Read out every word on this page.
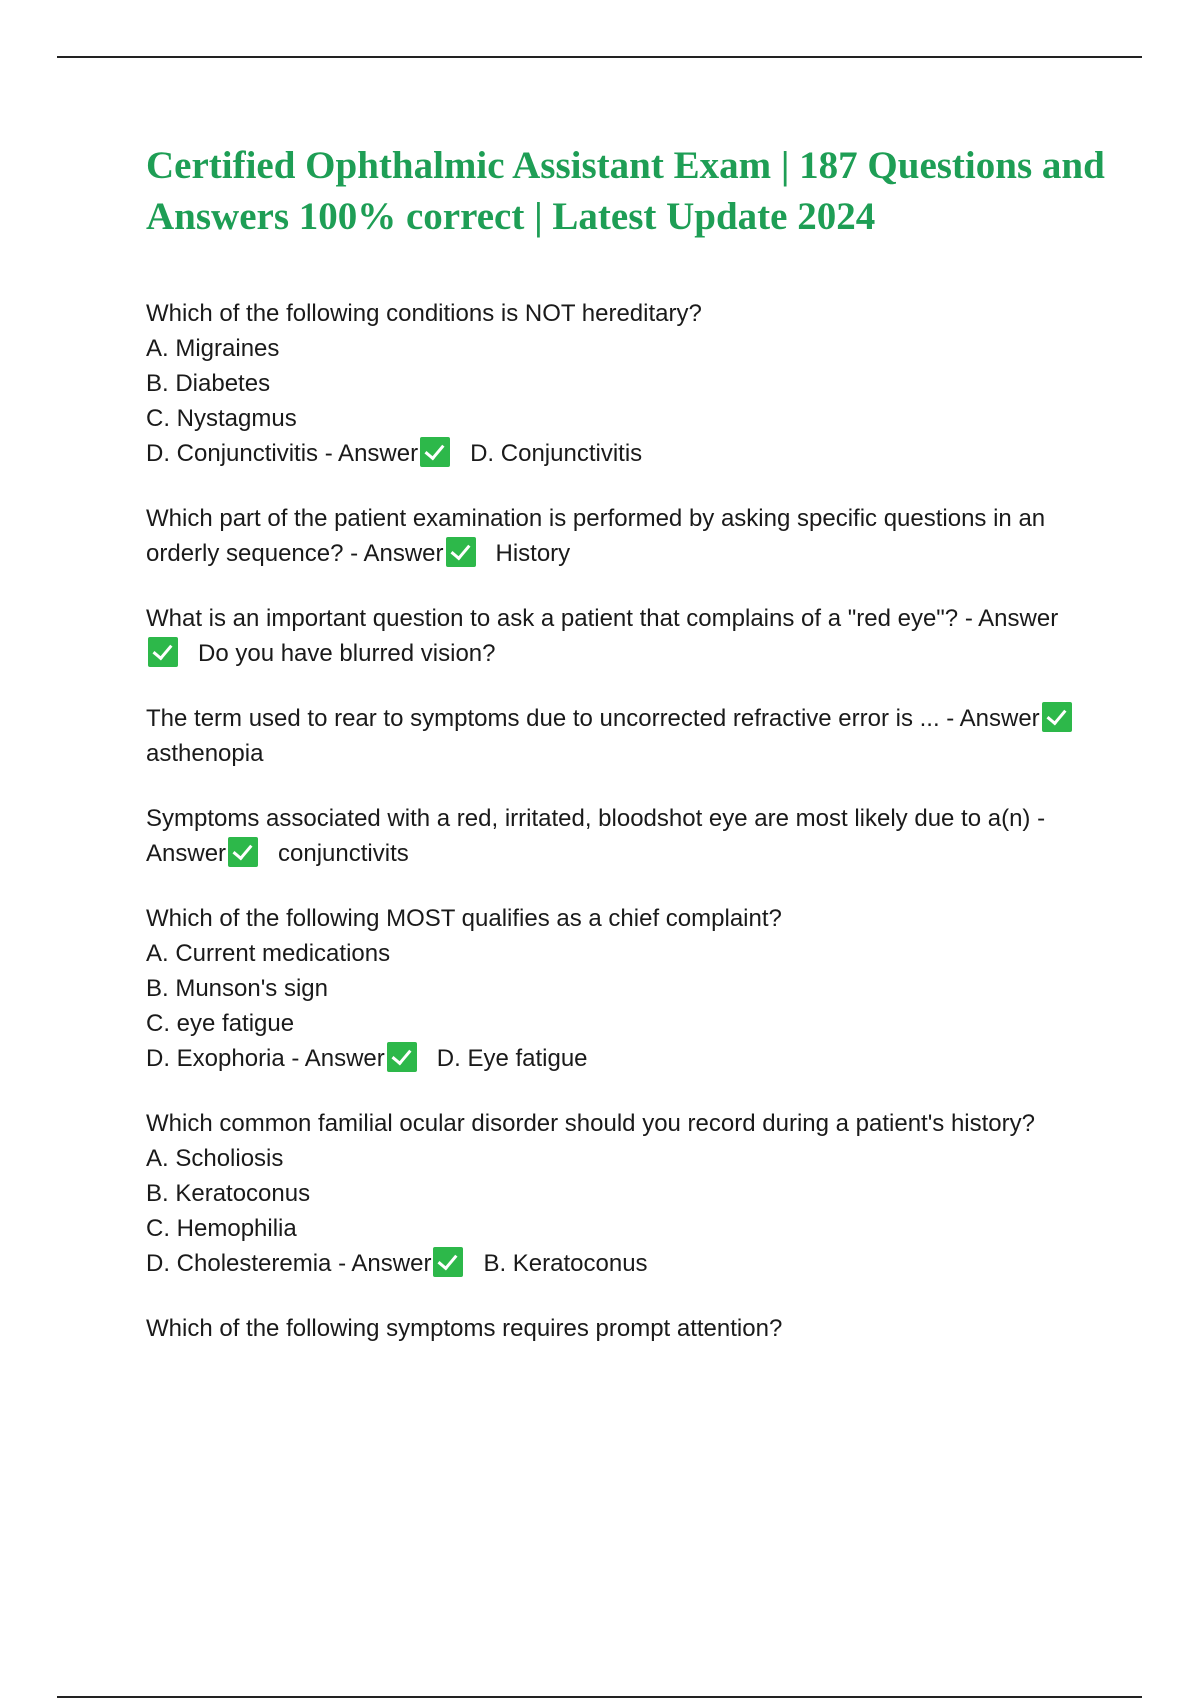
Certified Ophthalmic Assistant Exam | 187 Questions and Answers 100% correct | Latest Update 2024

Which of the following conditions is NOT hereditary?

A. Migraines

B. Diabetes

C. Nystagmus

D. Conjunctivitis - Answer D. Conjunctivitis

Which part of the patient examination is performed by asking specific questions in an orderly sequence? - Answer History

What is an important question to ask a patient that complains of a "red eye"? - AnswerDo you have blurred vision?

The term used to rear to symptoms due to uncorrected refractive error is ... - Answerasthenopia

Symptoms associated with a red, irritated, bloodshot eye are most likely due to a(n) - Answer conjunctivits

Which of the following MOST qualifies as a chief complaint?

A. Current medications

B. Munson's sign

C. eye fatigue

D. Exophoria - Answer D. Eye fatigue

Which common familial ocular disorder should you record during a patient's history?

A. Scholiosis

B. Keratoconus

C. Hemophilia

D. Cholesteremia - Answer B. Keratoconus

Which of the following symptoms requires prompt attention?
